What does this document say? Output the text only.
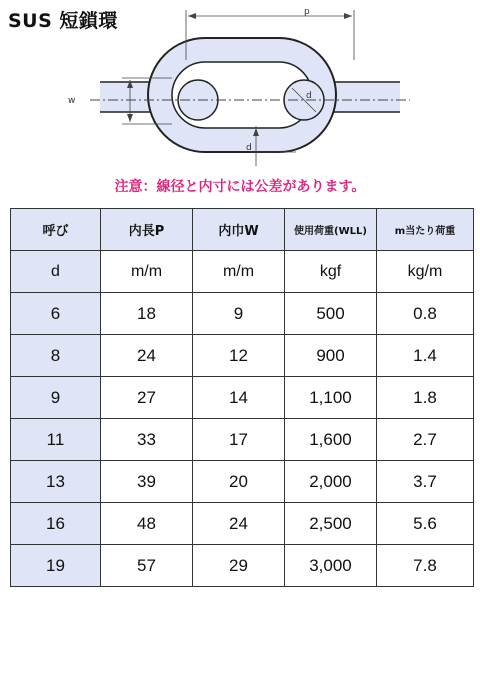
SUS 短鎖環	p
w	d
d
注意：線径と内寸には公差があります。
呼び	内長P	内巾W	使用荷重(WLL)	m当たり荷重
d	m/m	m/m	kgf	kg/m
6	18	9	500	0.8
8	24	12	900	1.4
9	27	14	1,100	1.8
11	33	17	1,600	2.7
13	39	20	2,000	3.7
16	48	24	2,500	5.6
19	57	29	3,000	7.8
